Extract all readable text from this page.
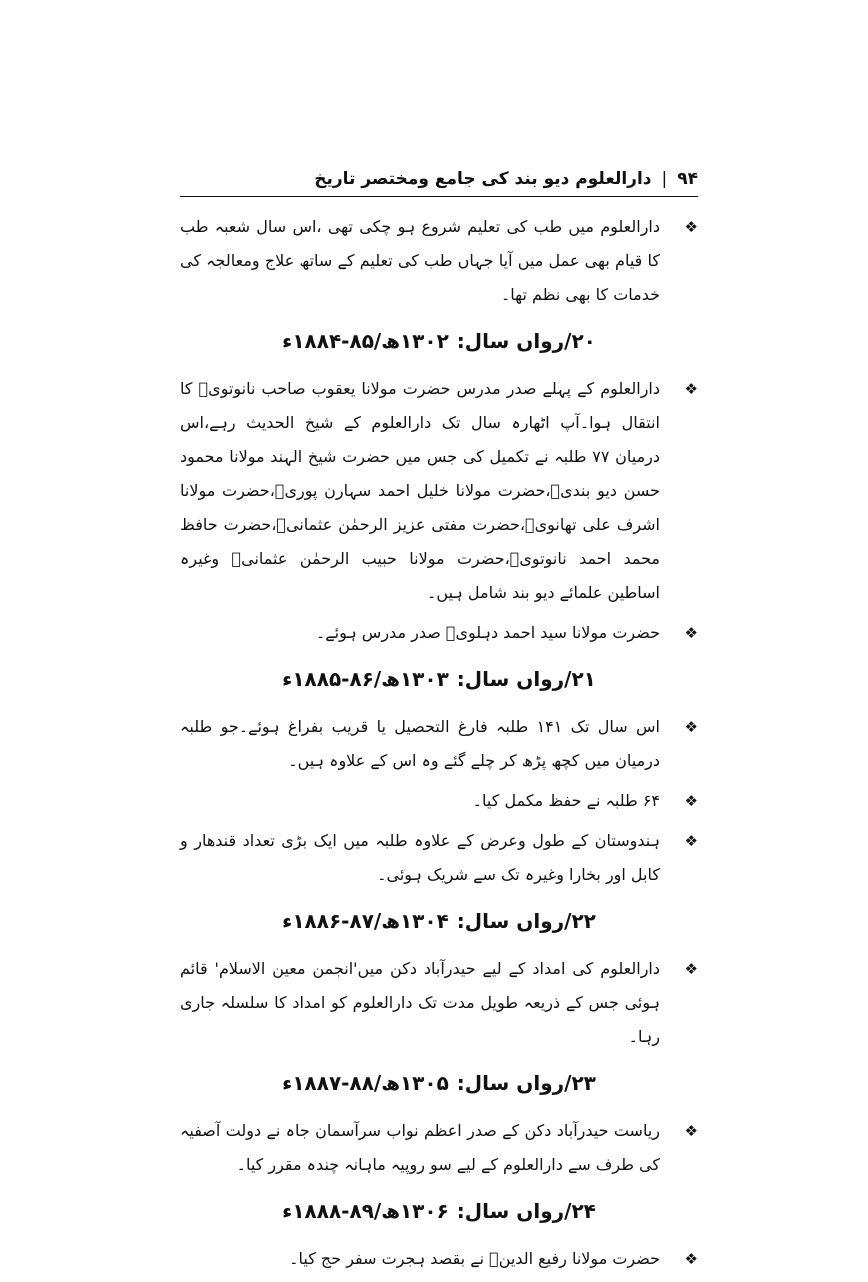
۹۴
|
دارالعلوم دیو بند کی جامع ومختصر تاریخ
❖
دارالعلوم میں طب کی تعلیم شروع ہو چکی تھی ،اس سال شعبہ طب کا قیام بھی عمل میں آیا جہاں طب کی تعلیم کے ساتھ علاج ومعالجہ کی خدمات کا بھی نظم تھا۔
۲۰/رواں سال:۱۳۰۲ھ/۸۵-۱۸۸۴ء
❖
دارالعلوم کے پہلے صدر مدرس حضرت مولانا یعقوب صاحب نانوتویؒ کا انتقال ہوا۔آپ اٹھارہ سال تک دارالعلوم کے شیخ الحدیث رہے،اس درمیان ۷۷ طلبہ نے تکمیل کی جس میں حضرت شیخ الہند مولانا محمود حسن دیو بندیؒ،حضرت مولانا خلیل احمد سہارن پوریؒ،حضرت مولانا اشرف علی تھانویؒ،حضرت مفتی عزیز الرحمٰن عثمانیؒ،حضرت حافظ محمد احمد نانوتویؒ،حضرت مولانا حبیب الرحمٰن عثمانیؒ وغیرہ اساطین علمائے دیو بند شامل ہیں۔
❖
حضرت مولانا سید احمد دہلویؒ صدر مدرس ہوئے۔
۲۱/رواں سال:۱۳۰۳ھ/۸۶-۱۸۸۵ء
❖
اس سال تک ۱۴۱ طلبہ فارغ التحصیل یا قریب بفراغ ہوئے۔جو طلبہ درمیان میں کچھ پڑھ کر چلے گئے وہ اس کے علاوہ ہیں۔
❖
۶۴ طلبہ نے حفظ مکمل کیا۔
❖
ہندوستان کے طول وعرض کے علاوہ طلبہ میں ایک بڑی تعداد قندھار و کابل اور بخارا وغیرہ تک سے شریک ہوئی۔
۲۲/رواں سال:۱۳۰۴ھ/۸۷-۱۸۸۶ء
❖
دارالعلوم کی امداد کے لیے حیدرآباد دکن میں'انجمن معین الاسلام' قائم ہوئی جس کے ذریعہ طویل مدت تک دارالعلوم کو امداد کا سلسلہ جاری رہا۔
۲۳/رواں سال:۱۳۰۵ھ/۸۸-۱۸۸۷ء
❖
ریاست حیدرآباد دکن کے صدر اعظم نواب سرآسمان جاہ نے دولت آصفیہ کی طرف سے دارالعلوم کے لیے سو روپیہ ماہانہ چندہ مقرر کیا۔
۲۴/رواں سال:۱۳۰۶ھ/۸۹-۱۸۸۸ء
❖
حضرت مولانا رفیع الدینؒ نے بقصد ہجرت سفر حج کیا۔
